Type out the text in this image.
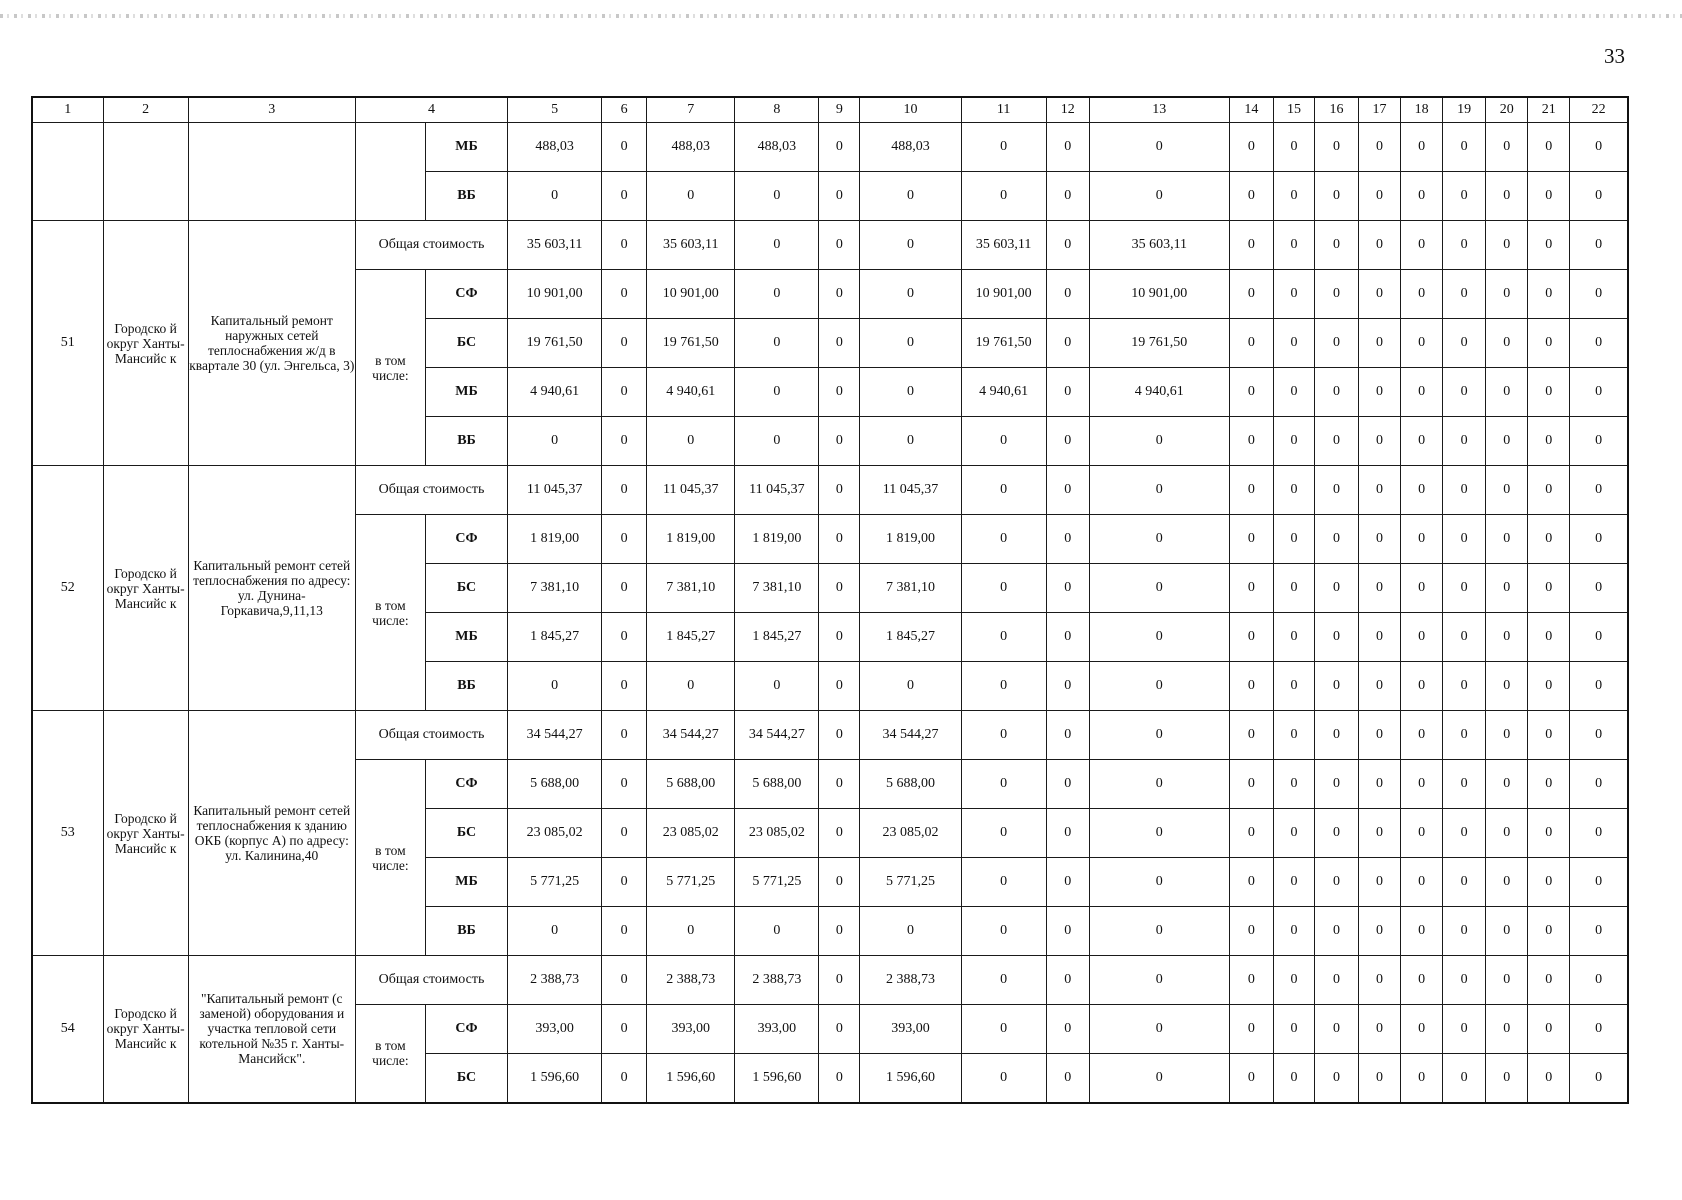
33
1	2	3	4		5	6	7	8	9	10	11	12	13	14	15	16	17	18	19	20	21	22
				МБ	488,03	0	488,03	488,03	0	488,03	0	0	0	0	0	0	0	0	0	0	0	0
				ВБ	0	0	0	0	0	0	0	0	0	0	0	0	0	0	0	0	0	0
51	Городско й округ Ханты-Мансийс к	Капитальный ремонт наружных сетей теплоснабжения ж/д в квартале 30 (ул. Энгельса, 3)	Общая стоимость		35 603,11	0	35 603,11	0	0	0	35 603,11	0	35 603,11	0	0	0	0	0	0	0	0	0
			в том числе:	СФ	10 901,00	0	10 901,00	0	0	0	10 901,00	0	10 901,00	0	0	0	0	0	0	0	0	0
				БС	19 761,50	0	19 761,50	0	0	0	19 761,50	0	19 761,50	0	0	0	0	0	0	0	0	0
				МБ	4 940,61	0	4 940,61	0	0	0	4 940,61	0	4 940,61	0	0	0	0	0	0	0	0	0
				ВБ	0	0	0	0	0	0	0	0	0	0	0	0	0	0	0	0	0	0
52	Городско й округ Ханты-Мансийс к	Капитальный ремонт сетей теплоснабжения по адресу: ул. Дунина-Горкавича,9,11,13	Общая стоимость		11 045,37	0	11 045,37	11 045,37	0	11 045,37	0	0	0	0	0	0	0	0	0	0	0	0
			в том числе:	СФ	1 819,00	0	1 819,00	1 819,00	0	1 819,00	0	0	0	0	0	0	0	0	0	0	0	0
				БС	7 381,10	0	7 381,10	7 381,10	0	7 381,10	0	0	0	0	0	0	0	0	0	0	0	0
				МБ	1 845,27	0	1 845,27	1 845,27	0	1 845,27	0	0	0	0	0	0	0	0	0	0	0	0
				ВБ	0	0	0	0	0	0	0	0	0	0	0	0	0	0	0	0	0	0
53	Городско й округ Ханты-Мансийс к	Капитальный ремонт сетей теплоснабжения к зданию ОКБ (корпус А) по адресу: ул. Калинина,40	Общая стоимость		34 544,27	0	34 544,27	34 544,27	0	34 544,27	0	0	0	0	0	0	0	0	0	0	0	0
			в том числе:	СФ	5 688,00	0	5 688,00	5 688,00	0	5 688,00	0	0	0	0	0	0	0	0	0	0	0	0
				БС	23 085,02	0	23 085,02	23 085,02	0	23 085,02	0	0	0	0	0	0	0	0	0	0	0	0
				МБ	5 771,25	0	5 771,25	5 771,25	0	5 771,25	0	0	0	0	0	0	0	0	0	0	0	0
				ВБ	0	0	0	0	0	0	0	0	0	0	0	0	0	0	0	0	0	0
54	Городско й округ Ханты-Мансийс к	"Капитальный ремонт (с заменой) оборудования и участка тепловой сети котельной №35 г. Ханты-Мансийск".	Общая стоимость		2 388,73	0	2 388,73	2 388,73	0	2 388,73	0	0	0	0	0	0	0	0	0	0	0	0
			в том числе:	СФ	393,00	0	393,00	393,00	0	393,00	0	0	0	0	0	0	0	0	0	0	0	0
				БС	1 596,60	0	1 596,60	1 596,60	0	1 596,60	0	0	0	0	0	0	0	0	0	0	0	0
